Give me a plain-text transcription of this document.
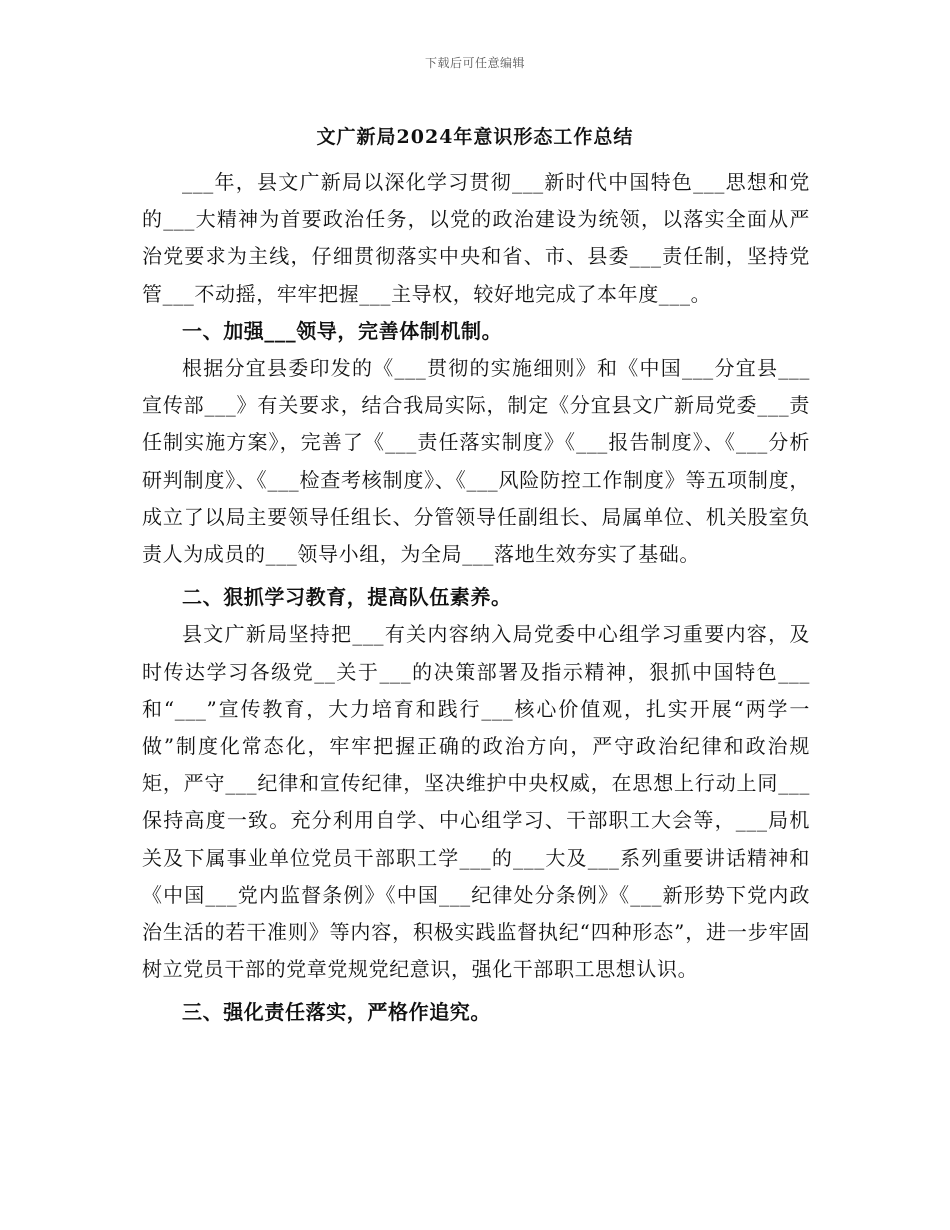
下载后可任意编辑
文广新局2024年意识形态工作总结

___年，县文广新局以深化学习贯彻___新时代中国特色___思想和党的___大精神为首要政治任务，以党的政治建设为统领，以落实全面从严治党要求为主线，仔细贯彻落实中央和省、市、县委___责任制，坚持党管___不动摇，牢牢把握___主导权，较好地完成了本年度___。

一、加强___领导，完善体制机制。

根据分宜县委印发的《___贯彻的实施细则》和《中国___分宜县___宣传部___》有关要求，结合我局实际，制定《分宜县文广新局党委___责任制实施方案》，完善了《___责任落实制度》《___报告制度》、《___分析研判制度》、《___检查考核制度》、《___风险防控工作制度》等五项制度，成立了以局主要领导任组长、分管领导任副组长、局属单位、机关股室负责人为成员的___领导小组，为全局___落地生效夯实了基础。

二、狠抓学习教育，提高队伍素养。

县文广新局坚持把___有关内容纳入局党委中心组学习重要内容，及时传达学习各级党__关于___的决策部署及指示精神，狠抓中国特色___和“___”宣传教育，大力培育和践行___核心价值观，扎实开展“两学一做”制度化常态化，牢牢把握正确的政治方向，严守政治纪律和政治规矩，严守___纪律和宣传纪律，坚决维护中央权威，在思想上行动上同___保持高度一致。充分利用自学、中心组学习、干部职工大会等，___局机关及下属事业单位党员干部职工学___的___大及___系列重要讲话精神和《中国___党内监督条例》《中国___纪律处分条例》《___新形势下党内政治生活的若干准则》等内容，积极实践监督执纪“四种形态”，进一步牢固树立党员干部的党章党规党纪意识，强化干部职工思想认识。

三、强化责任落实，严格作追究。
